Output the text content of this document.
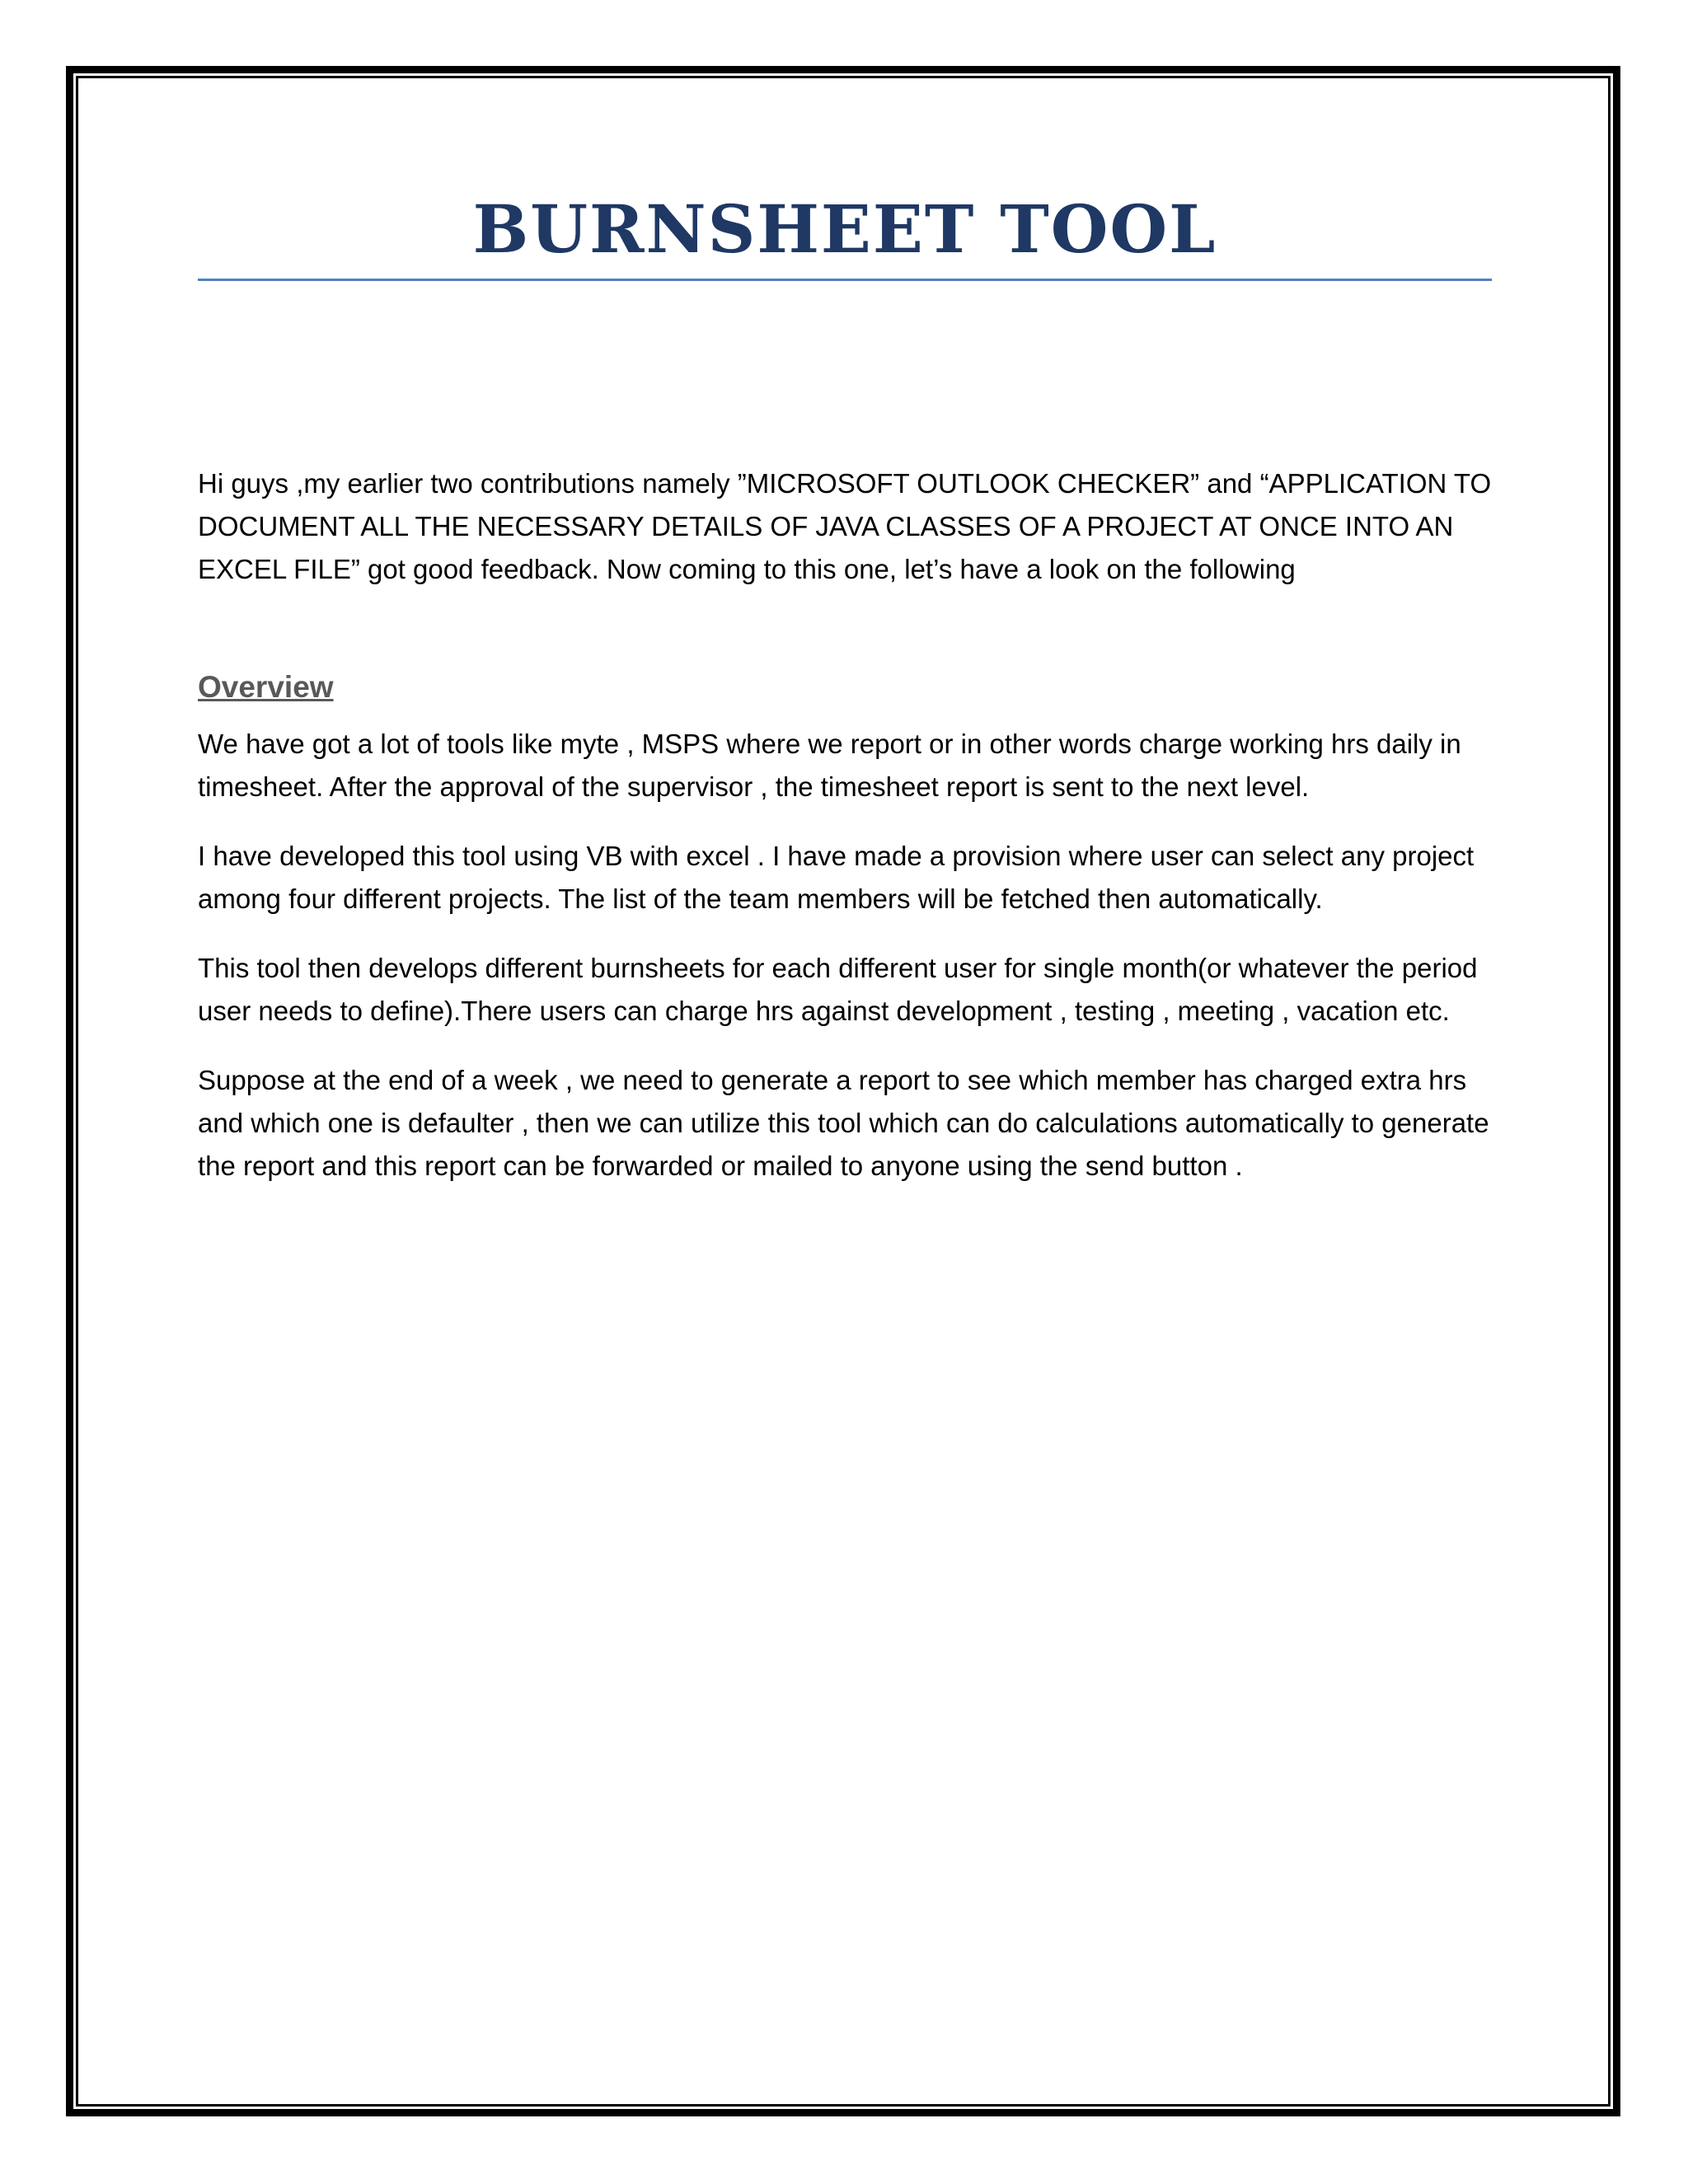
BURNSHEET TOOL

Hi guys ,my earlier two contributions namely ”MICROSOFT OUTLOOK CHECKER” and “APPLICATION TO DOCUMENT ALL THE NECESSARY DETAILS OF JAVA CLASSES OF A PROJECT AT ONCE INTO AN EXCEL FILE” got good feedback. Now coming to this one, let’s have a look on the following

Overview

We have got a lot of tools like myte , MSPS where we report or in other words charge working hrs daily in timesheet. After the approval of the supervisor , the timesheet report is sent to the next level.

I have developed this tool using VB with excel . I have made a provision where user can select any project among four different projects. The list of the team members will be fetched then automatically.

This tool then develops different burnsheets for each different user for single month(or whatever the period user needs to define).There users can charge hrs against development , testing , meeting , vacation etc.

Suppose at the end of a week , we need to generate a report to see which member has charged extra hrs and which one is defaulter , then we can utilize this tool which can do calculations automatically to generate the report and this report can be forwarded or mailed to anyone using the send button .
